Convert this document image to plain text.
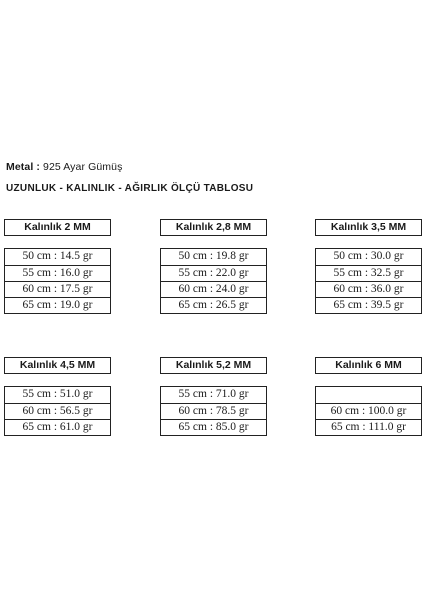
Metal : 925 Ayar Gümüş
UZUNLUK - KALINLIK - AĞIRLIK ÖLÇÜ TABLOSU
Kalınlık 2 MM
50 cm : 14.5 gr
55 cm : 16.0 gr
60 cm : 17.5 gr
65 cm : 19.0 gr
Kalınlık 2,8 MM
50 cm : 19.8 gr
55 cm : 22.0 gr
60 cm : 24.0 gr
65 cm : 26.5 gr
Kalınlık 3,5 MM
50 cm : 30.0 gr
55 cm : 32.5 gr
60 cm : 36.0 gr
65 cm : 39.5 gr
Kalınlık 4,5 MM
55 cm : 51.0 gr
60 cm : 56.5 gr
65 cm : 61.0 gr
Kalınlık 5,2 MM
55 cm : 71.0 gr
60 cm : 78.5 gr
65 cm : 85.0 gr
Kalınlık 6 MM
60 cm : 100.0 gr
65 cm : 111.0 gr
